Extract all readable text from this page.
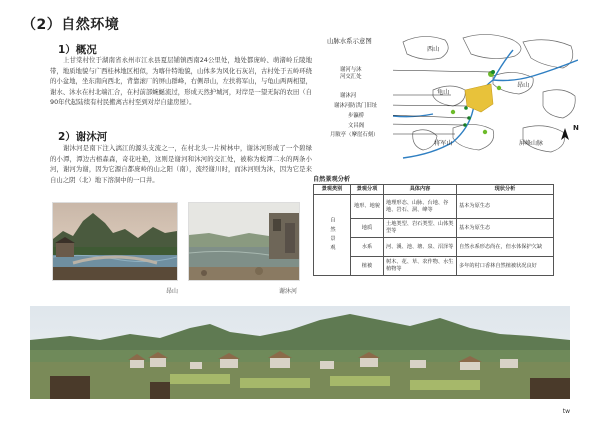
（2）自然环境
1）概况
上甘棠村位于湖南省永州市江永县夏层铺镇西南24公里处，地处都庞岭、萌渚岭丘陵地带，地质地貌与广西桂林地区相似，为喀什特地貌，山体多为风化石灰岩，古村处于五岭环绕的小盆地，坐东南向西北，背靠滚厂的屏山群峰，右侧昂山，左扶将军山，与龟山两两相望，谢水、沐水在村北端汇合，在村前部蜿蜒流过，形成天然护城河，对岸是一望无际的农田（自90年代起陆续有村民搬离古村至到对岸自建房屋）。
2）谢沐河
谢沐河是南下注入漓江的源头支流之一，在村北头一片树林中，谢沐河形成了一个碧绿的小潭，潭边古榕森森，奇花吐艳，这则是谢河和沐河的交汇处，被称为蛟潭二水的两条小河，谢河为谢，因为它源自都庞岭的山之阳（南），流经谢川时，而沐河则为沐，因为它是来自山之阴（北）地下溶洞中的一口井。
昂山	谢沐河
山脉水系示意图
谢河与沐
河交汇处
谢沐河
谢沐河防洪门旧址
步瀛桥
文昌阁
月陂亭（摩崖石刻）
西山
昂山
龟山
将军山	屏峰山脉
N
自然景观分析
景观类别	景观分项	具体内容	现状分析
自然景观	地形、地貌	地理形态、山脉、台地、谷地、岩石、洞、峰等	基本为原生态
	地质	土地类型、岩石类型、山体类型等	基本为原生态
	水系	河、溪、池、塘、泉、沼泽等	自然水系形态尚在，但水体保护欠缺
	植被	树木、花、草、农作物、水生植物等	多年的村口香林自然植被状况良好
tw
